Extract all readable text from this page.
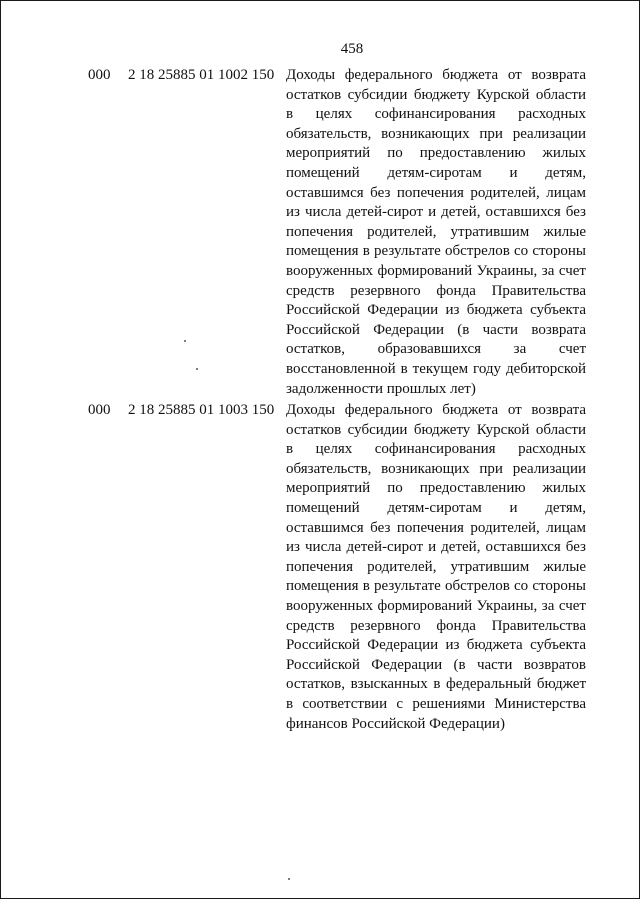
458
000 2 18 25885 01 1002 150 Доходы федерального бюджета от возврата
остатков субсидии бюджету Курской области
в целях софинансирования расходных
обязательств, возникающих при реализации
мероприятий по предоставлению жилых
помещений детям-сиротам и детям,
оставшимся без попечения родителей, лицам
из числа детей-сирот и детей, оставшихся без
попечения родителей, утратившим жилые
помещения в результате обстрелов со стороны
вооруженных формирований Украины, за счет
средств резервного фонда Правительства
Российской Федерации из бюджета субъекта
Российской Федерации (в части возврата
остатков, образовавшихся за счет
восстановленной в текущем году дебиторской
задолженности прошлых лет)

000 2 18 25885 01 1003 150 Доходы федерального бюджета от возврата
остатков субсидии бюджету Курской области
в целях софинансирования расходных
обязательств, возникающих при реализации
мероприятий по предоставлению жилых
помещений детям-сиротам и детям,
оставшимся без попечения родителей, лицам
из числа детей-сирот и детей, оставшихся без
попечения родителей, утратившим жилые
помещения в результате обстрелов со стороны
вооруженных формирований Украины, за счет
средств резервного фонда Правительства
Российской Федерации из бюджета субъекта
Российской Федерации (в части возвратов
остатков, взысканных в федеральный бюджет
в соответствии с решениями Министерства
финансов Российской Федерации)
